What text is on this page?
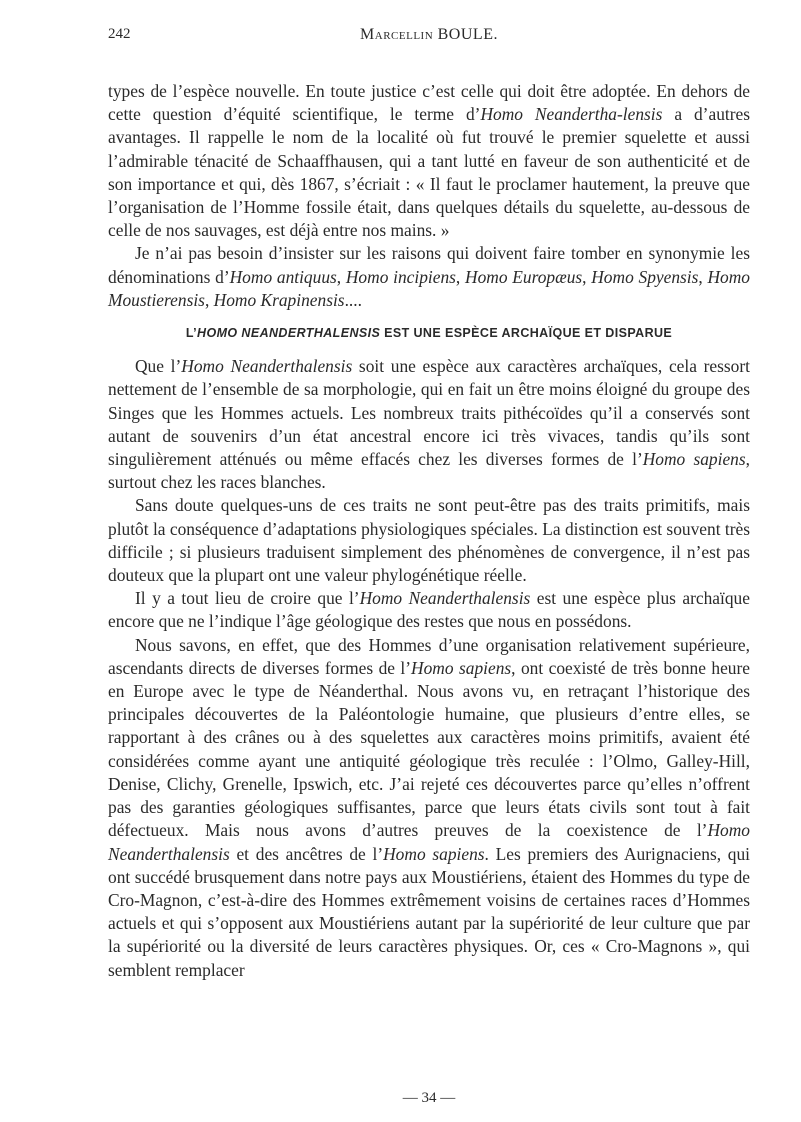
242	Marcellin BOULE.

types de l’espèce nouvelle. En toute justice c’est celle qui doit être adoptée. En dehors de cette question d’équité scientifique, le terme d’Homo Neandertha-lensis a d’autres avantages. Il rappelle le nom de la localité où fut trouvé le premier squelette et aussi l’admirable ténacité de Schaaffhausen, qui a tant lutté en faveur de son authenticité et de son importance et qui, dès 1867, s’écriait : « Il faut le proclamer hautement, la preuve que l’organisation de l’Homme fossile était, dans quelques détails du squelette, au-dessous de celle de nos sauvages, est déjà entre nos mains. »

Je n’ai pas besoin d’insister sur les raisons qui doivent faire tomber en synonymie les dénominations d’Homo antiquus, Homo incipiens, Homo Europæus, Homo Spyensis, Homo Moustierensis, Homo Krapinensis....

L’HOMO NEANDERTHALENSIS EST UNE ESPÈCE ARCHAÏQUE ET DISPARUE

Que l’Homo Neanderthalensis soit une espèce aux caractères archaïques, cela ressort nettement de l’ensemble de sa morphologie, qui en fait un être moins éloigné du groupe des Singes que les Hommes actuels. Les nombreux traits pithécoïdes qu’il a conservés sont autant de souvenirs d’un état ancestral encore ici très vivaces, tandis qu’ils sont singulièrement atténués ou même effacés chez les diverses formes de l’Homo sapiens, surtout chez les races blanches.

Sans doute quelques-uns de ces traits ne sont peut-être pas des traits primitifs, mais plutôt la conséquence d’adaptations physiologiques spéciales. La distinction est souvent très difficile ; si plusieurs traduisent simplement des phénomènes de convergence, il n’est pas douteux que la plupart ont une valeur phylogénétique réelle.

Il y a tout lieu de croire que l’Homo Neanderthalensis est une espèce plus archaïque encore que ne l’indique l’âge géologique des restes que nous en possédons.

Nous savons, en effet, que des Hommes d’une organisation relativement supérieure, ascendants directs de diverses formes de l’Homo sapiens, ont coexisté de très bonne heure en Europe avec le type de Néanderthal. Nous avons vu, en retraçant l’historique des principales découvertes de la Paléontologie humaine, que plusieurs d’entre elles, se rapportant à des crânes ou à des squelettes aux caractères moins primitifs, avaient été considérées comme ayant une antiquité géologique très reculée : l’Olmo, Galley-Hill, Denise, Clichy, Grenelle, Ipswich, etc. J’ai rejeté ces découvertes parce qu’elles n’offrent pas des garanties géologiques suffisantes, parce que leurs états civils sont tout à fait défectueux. Mais nous avons d’autres preuves de la coexistence de l’Homo Neanderthalensis et des ancêtres de l’Homo sapiens. Les premiers des Aurignaciens, qui ont succédé brusquement dans notre pays aux Moustiériens, étaient des Hommes du type de Cro-Magnon, c’est-à-dire des Hommes extrêmement voisins de certaines races d’Hommes actuels et qui s’opposent aux Moustiériens autant par la supériorité de leur culture que par la supériorité ou la diversité de leurs caractères physiques. Or, ces « Cro-Magnons », qui semblent remplacer

— 34 —
